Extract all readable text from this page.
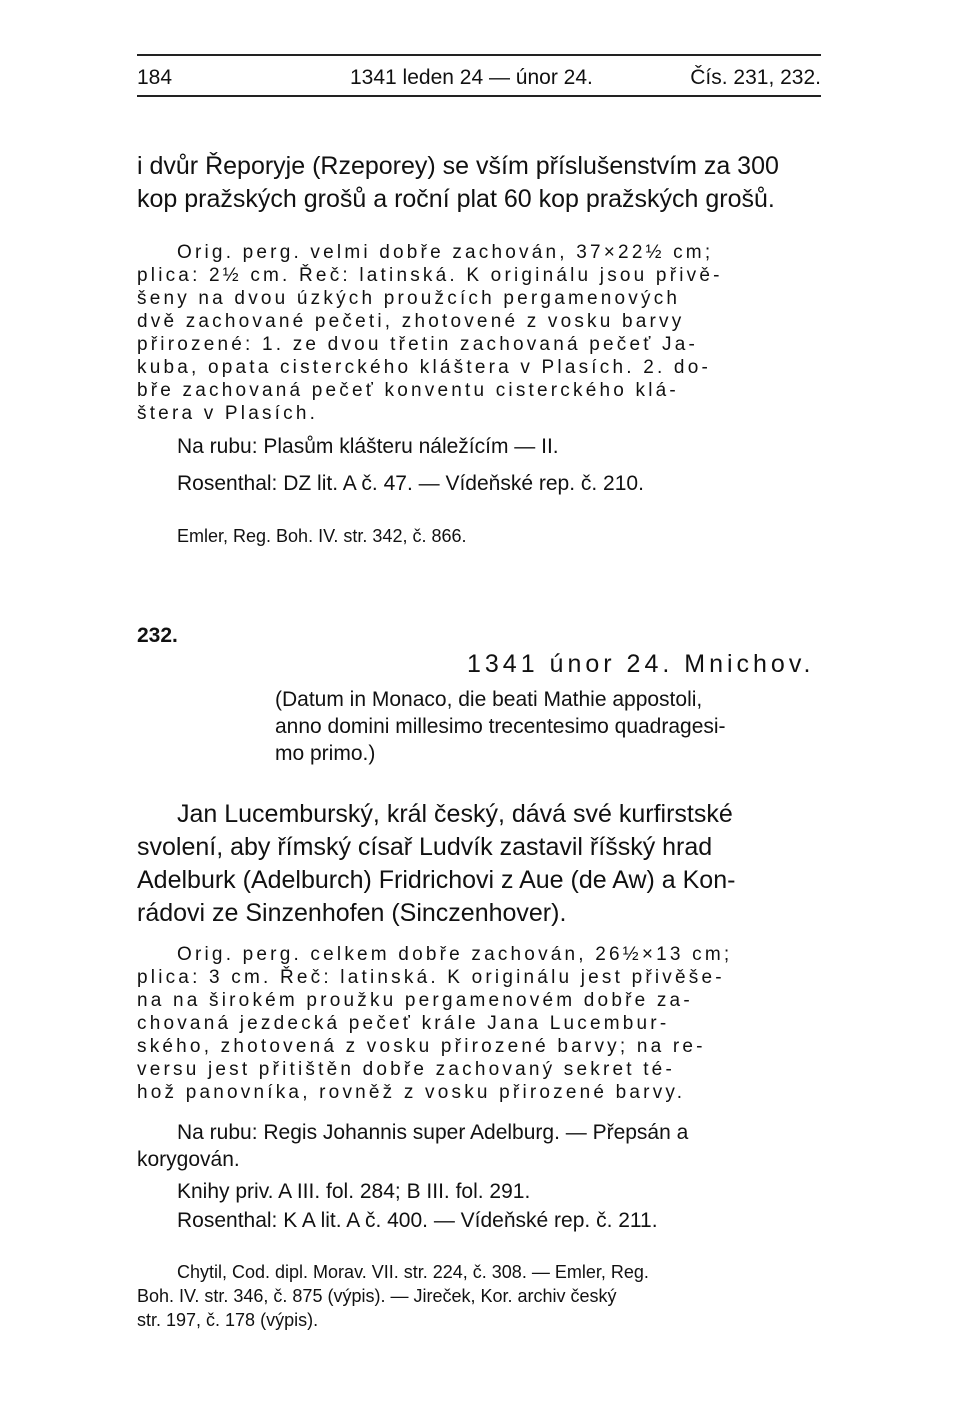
184	1341 leden 24 — únor 24.	Čís. 231, 232.

i dvůr Řeporyje (Rzeporey) se vším příslušenstvím za 300

kop pražských grošů a roční plat 60 kop pražských grošů.

Orig. perg. velmi dobře zachován, 37×22½ cm;

plica: 2½ cm. Řeč: latinská. K originálu jsou přivě-

šeny na dvou úzkých proužcích pergamenových

dvě zachované pečeti, zhotovené z vosku barvy

přirozené: 1. ze dvou třetin zachovaná pečeť Ja-

kuba, opata cisterckého kláštera v Plasích. 2. do-

bře zachovaná pečeť konventu cisterckého klá-

štera v Plasích.

Na rubu: Plasům klášteru náležícím — II.

Rosenthal: DZ lit. A č. 47. — Vídeňské rep. č. 210.

Emler, Reg. Boh. IV. str. 342, č. 866.

232.

1341 únor 24. Mnichov.

(Datum in Monaco, die beati Mathie appostoli,

anno domini millesimo trecentesimo quadragesi-

mo primo.)

Jan Lucemburský, král český, dává své kurfirstské

svolení, aby římský císař Ludvík zastavil říšský hrad

Adelburk (Adelburch) Fridrichovi z Aue (de Aw) a Kon-

rádovi ze Sinzenhofen (Sinczenhover).

Orig. perg. celkem dobře zachován, 26½×13 cm;

plica: 3 cm. Řeč: latinská. K originálu jest přivěše-

na na širokém proužku pergamenovém dobře za-

chovaná jezdecká pečeť krále Jana Lucembur-

ského, zhotovená z vosku přirozené barvy; na re-

versu jest přitištěn dobře zachovaný sekret té-

hož panovníka, rovněž z vosku přirozené barvy.

Na rubu: Regis Johannis super Adelburg. — Přepsán a

korygován.

Knihy priv. A III. fol. 284; B III. fol. 291.

Rosenthal: K A lit. A č. 400. — Vídeňské rep. č. 211.

Chytil, Cod. dipl. Morav. VII. str. 224, č. 308. — Emler, Reg.

Boh. IV. str. 346, č. 875 (výpis). — Jireček, Kor. archiv český

str. 197, č. 178 (výpis).
